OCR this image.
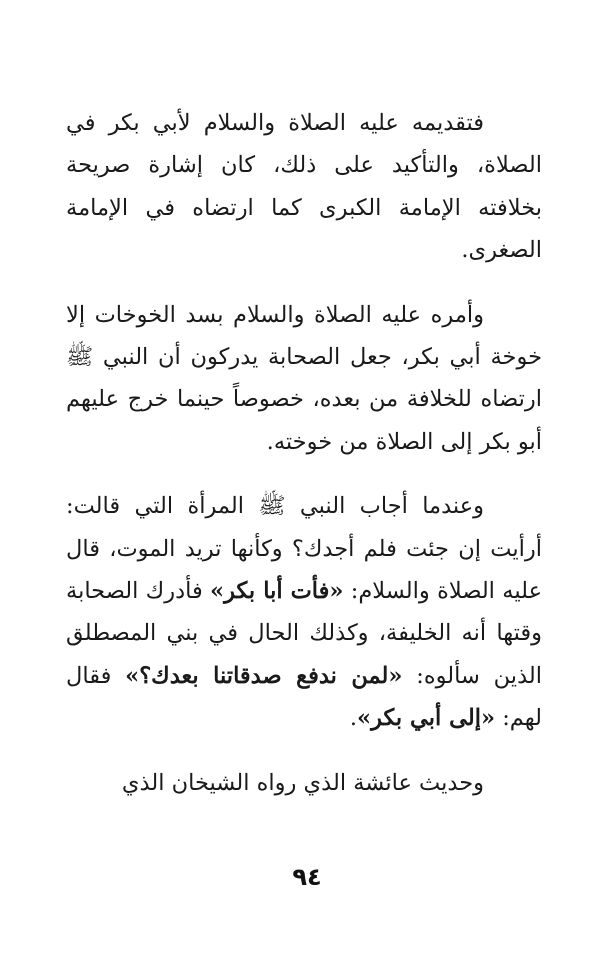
فتقديمه عليه الصلاة والسلام لأبي بكر في الصلاة، والتأكيد على ذلك، كان إشارة صريحة بخلافته الإمامة الكبرى كما ارتضاه في الإمامة الصغرى.

وأمره عليه الصلاة والسلام بسد الخوخات إلا خوخة أبي بكر، جعل الصحابة يدركون أن النبي ﷺ ارتضاه للخلافة من بعده، خصوصاً حينما خرج عليهم أبو بكر إلى الصلاة من خوخته.

وعندما أجاب النبي ﷺ المرأة التي قالت: أرأيت إن جئت فلم أجدك؟ وكأنها تريد الموت، قال عليه الصلاة والسلام: «فأت أبا بكر» فأدرك الصحابة وقتها أنه الخليفة، وكذلك الحال في بني المصطلق الذين سألوه: «لمن ندفع صدقاتنا بعدك؟» فقال لهم: «إلى أبي بكر».

وحديث عائشة الذي رواه الشيخان الذي

٩٤
